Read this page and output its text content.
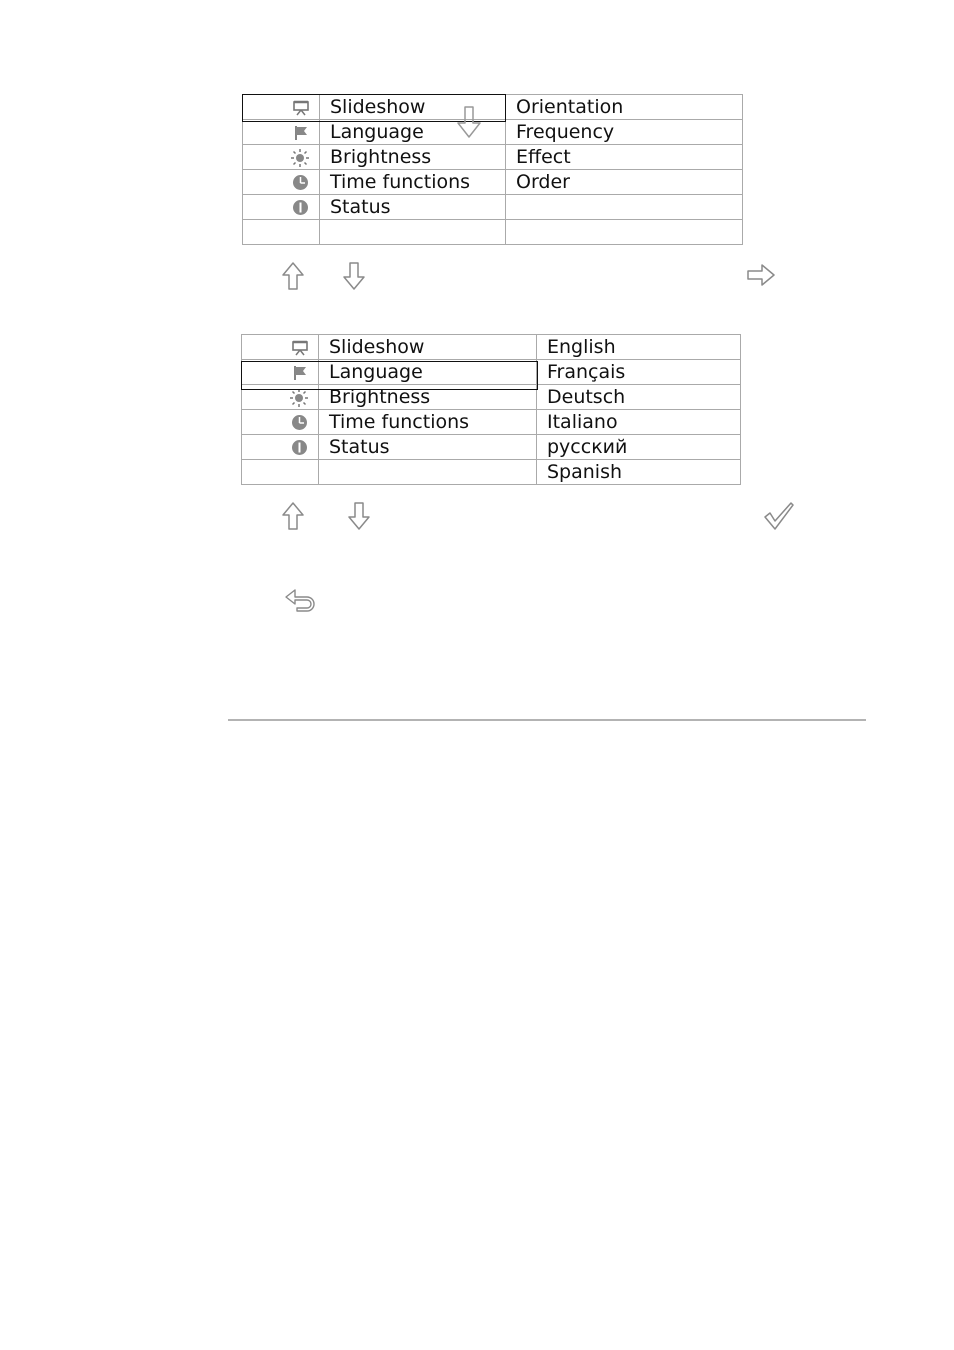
	Slideshow	Orientation
	Language	Frequency
	Brightness	Effect
	Time functions	Order
	Status	

	Slideshow	English
	Language	Français
	Brightness	Deutsch
	Time functions	Italiano
	Status	русский
		Spanish
